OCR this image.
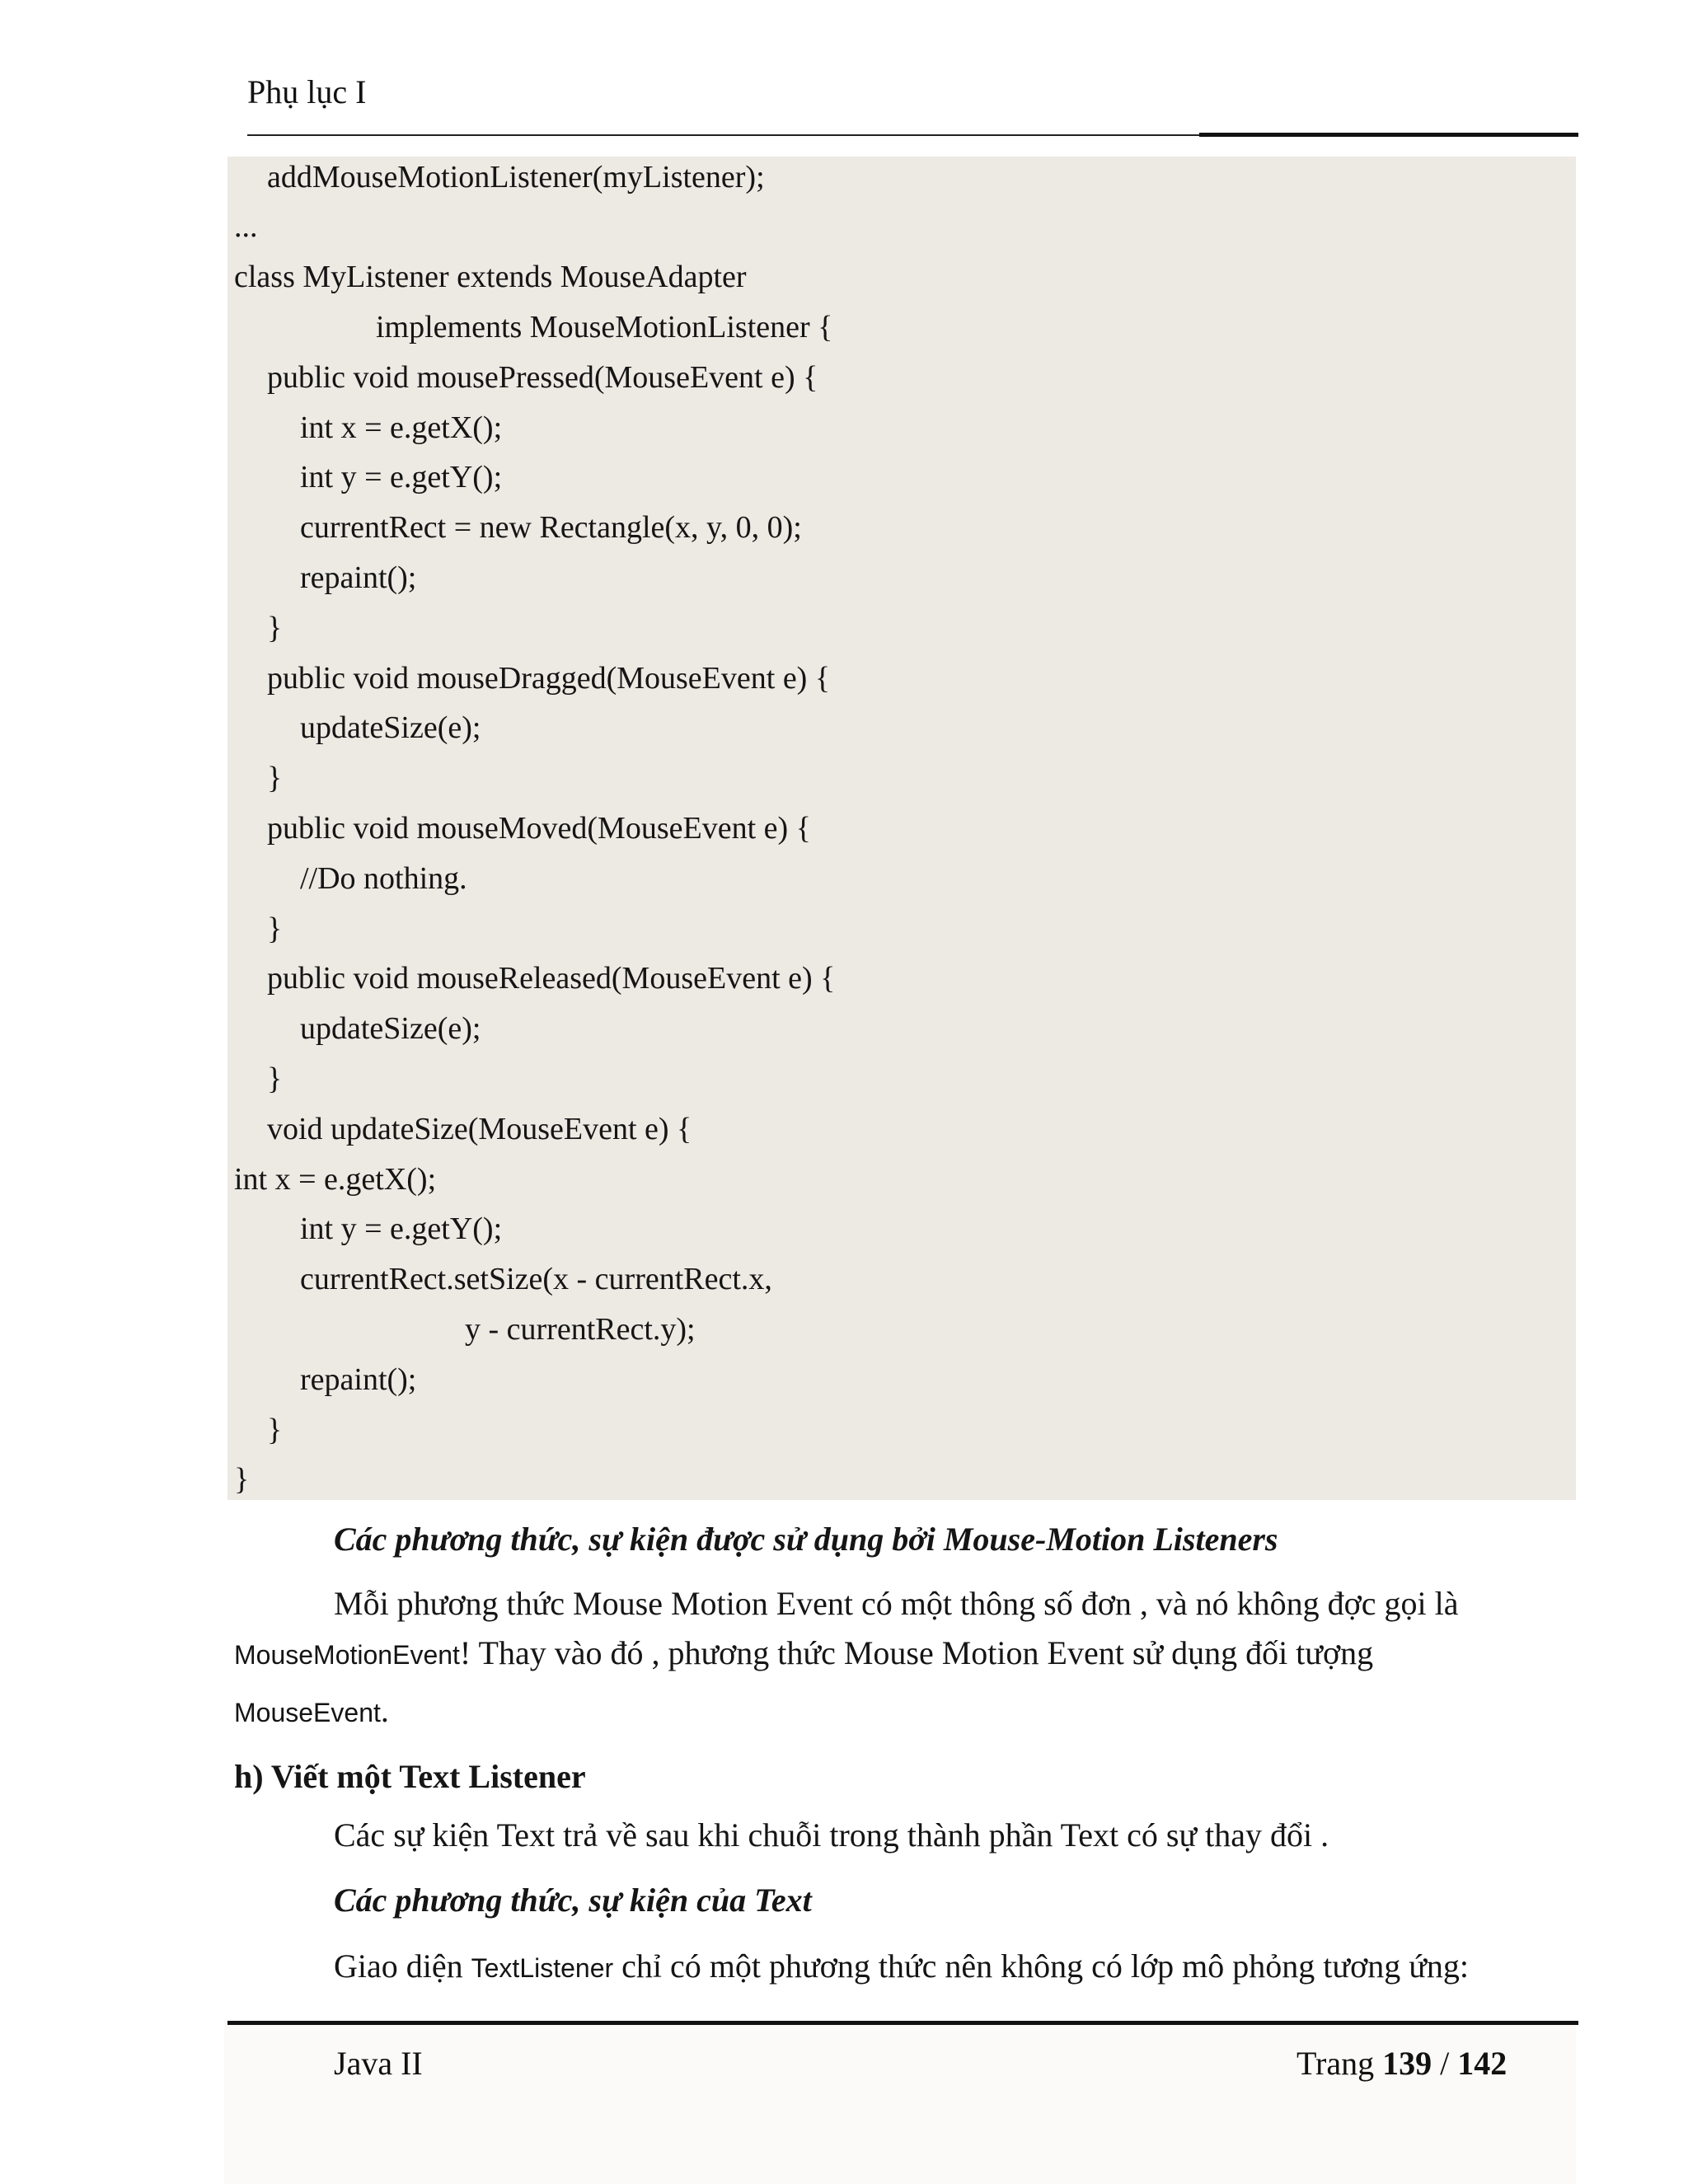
Phụ lục I
addMouseMotionListener(myListener);
...
class MyListener extends MouseAdapter
implements MouseMotionListener {
public void mousePressed(MouseEvent e) {
int x = e.getX();
int y = e.getY();
currentRect = new Rectangle(x, y, 0, 0);
repaint();
}
public void mouseDragged(MouseEvent e) {
updateSize(e);
}
public void mouseMoved(MouseEvent e) {
//Do nothing.
}
public void mouseReleased(MouseEvent e) {
updateSize(e);
}
void updateSize(MouseEvent e) {
int x = e.getX();
int y = e.getY();
currentRect.setSize(x - currentRect.x,
y - currentRect.y);
repaint();
}
}
Các phương thức, sự kiện được sử dụng bởi Mouse-Motion Listeners
Mỗi phương thức Mouse Motion Event có một thông số đơn , và nó không đợc gọi là
MouseMotionEvent! Thay vào đó , phương thức Mouse Motion Event sử dụng đối tượng
MouseEvent.
h) Viết một Text Listener
Các sự kiện Text trả về sau khi chuỗi trong thành phần Text có sự thay đổi .
Các phương thức, sự kiện của Text
Giao diện TextListener chỉ có một phương thức nên không có lớp mô phỏng tương ứng:
Java II	Trang 139 / 142
